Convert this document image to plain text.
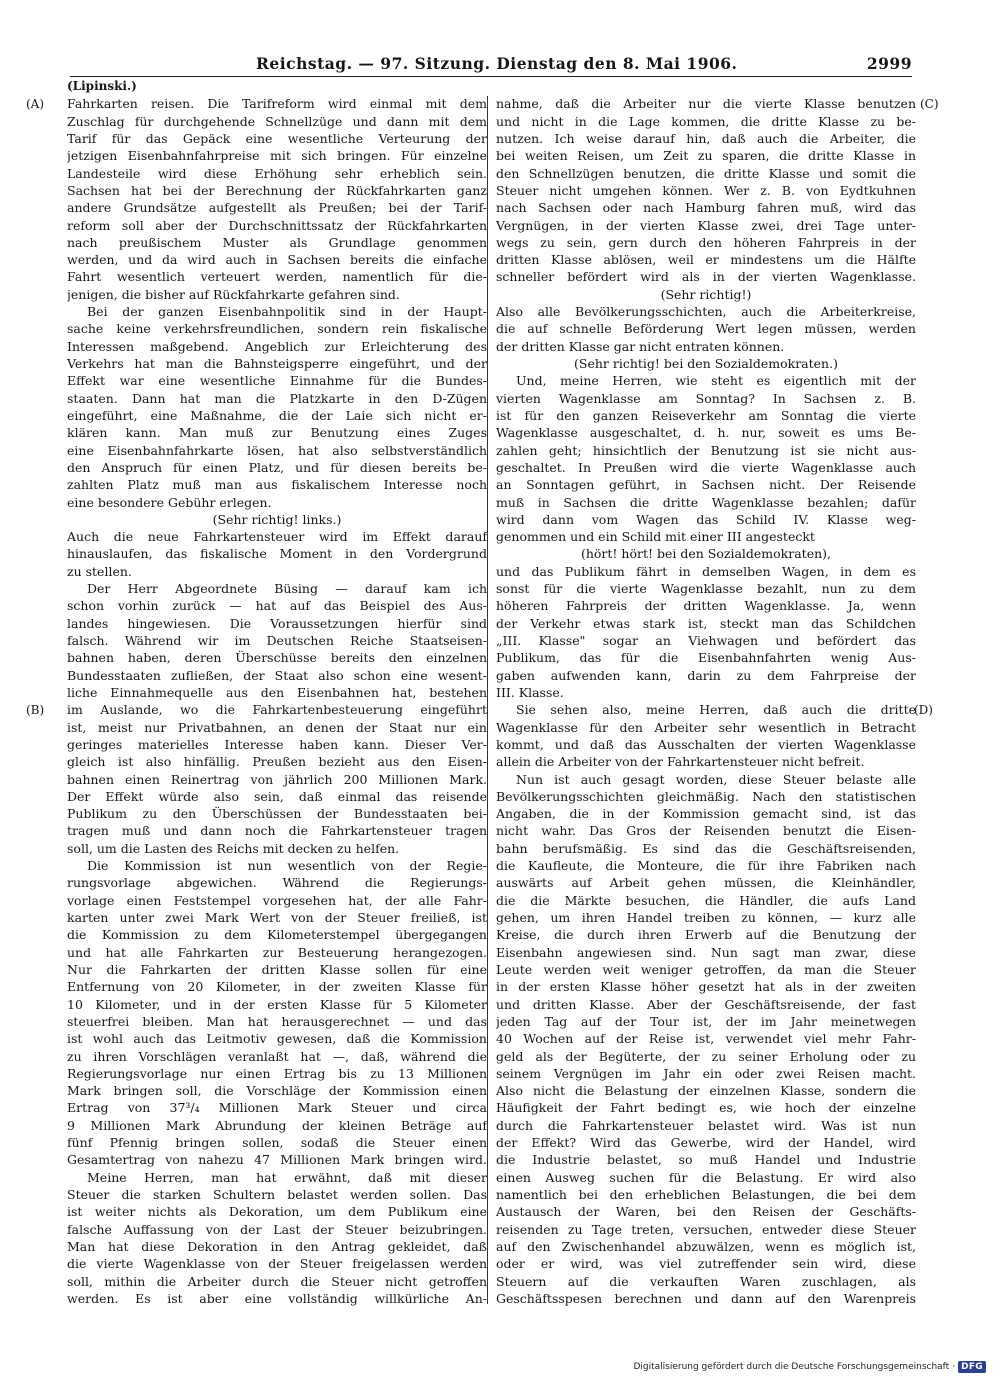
Reichstag. — 97. Sitzung. Dienstag den 8. Mai 1906.	2999
(A)
(B)
(C)
(D)
(Lipinski.)
Fahrkarten reisen. Die Tarifreform wird einmal mit dem
Zuschlag für durchgehende Schnellzüge und dann mit dem
Tarif für das Gepäck eine wesentliche Verteurung der
jetzigen Eisenbahnfahrpreise mit sich bringen. Für einzelne
Landesteile wird diese Erhöhung sehr erheblich sein.
Sachsen hat bei der Berechnung der Rückfahrkarten ganz
andere Grundsätze aufgestellt als Preußen; bei der Tarif-
reform soll aber der Durchschnittssatz der Rückfahrkarten
nach preußischem Muster als Grundlage genommen
werden, und da wird auch in Sachsen bereits die einfache
Fahrt wesentlich verteuert werden, namentlich für die-
jenigen, die bisher auf Rückfahrkarte gefahren sind.
Bei der ganzen Eisenbahnpolitik sind in der Haupt-
sache keine verkehrsfreundlichen, sondern rein fiskalische
Interessen maßgebend. Angeblich zur Erleichterung des
Verkehrs hat man die Bahnsteigsperre eingeführt, und der
Effekt war eine wesentliche Einnahme für die Bundes-
staaten. Dann hat man die Platzkarte in den D-Zügen
eingeführt, eine Maßnahme, die der Laie sich nicht er-
klären kann. Man muß zur Benutzung eines Zuges
eine Eisenbahnfahrkarte lösen, hat also selbstverständlich
den Anspruch für einen Platz, und für diesen bereits be-
zahlten Platz muß man aus fiskalischem Interesse noch
eine besondere Gebühr erlegen.
(Sehr richtig! links.)
Auch die neue Fahrkartensteuer wird im Effekt darauf
hinauslaufen, das fiskalische Moment in den Vordergrund
zu stellen.
Der Herr Abgeordnete Büsing — darauf kam ich
schon vorhin zurück — hat auf das Beispiel des Aus-
landes hingewiesen. Die Voraussetzungen hierfür sind
falsch. Während wir im Deutschen Reiche Staatseisen-
bahnen haben, deren Überschüsse bereits den einzelnen
Bundesstaaten zufließen, der Staat also schon eine wesent-
liche Einnahmequelle aus den Eisenbahnen hat, bestehen
im Auslande, wo die Fahrkartenbesteuerung eingeführt
ist, meist nur Privatbahnen, an denen der Staat nur ein
geringes materielles Interesse haben kann. Dieser Ver-
gleich ist also hinfällig. Preußen bezieht aus den Eisen-
bahnen einen Reinertrag von jährlich 200 Millionen Mark.
Der Effekt würde also sein, daß einmal das reisende
Publikum zu den Überschüssen der Bundesstaaten bei-
tragen muß und dann noch die Fahrkartensteuer tragen
soll, um die Lasten des Reichs mit decken zu helfen.
Die Kommission ist nun wesentlich von der Regie-
rungsvorlage abgewichen. Während die Regierungs-
vorlage einen Feststempel vorgesehen hat, der alle Fahr-
karten unter zwei Mark Wert von der Steuer freiließ, ist
die Kommission zu dem Kilometerstempel übergegangen
und hat alle Fahrkarten zur Besteuerung herangezogen.
Nur die Fahrkarten der dritten Klasse sollen für eine
Entfernung von 20 Kilometer, in der zweiten Klasse für
10 Kilometer, und in der ersten Klasse für 5 Kilometer
steuerfrei bleiben. Man hat herausgerechnet — und das
ist wohl auch das Leitmotiv gewesen, daß die Kommission
zu ihren Vorschlägen veranlaßt hat —, daß, während die
Regierungsvorlage nur einen Ertrag bis zu 13 Millionen
Mark bringen soll, die Vorschläge der Kommission einen
Ertrag von 37³/₄ Millionen Mark Steuer und circa
9 Millionen Mark Abrundung der kleinen Beträge auf
fünf Pfennig bringen sollen, sodaß die Steuer einen
Gesamtertrag von nahezu 47 Millionen Mark bringen wird.
Meine Herren, man hat erwähnt, daß mit dieser
Steuer die starken Schultern belastet werden sollen. Das
ist weiter nichts als Dekoration, um dem Publikum eine
falsche Auffassung von der Last der Steuer beizubringen.
Man hat diese Dekoration in den Antrag gekleidet, daß
die vierte Wagenklasse von der Steuer freigelassen werden
soll, mithin die Arbeiter durch die Steuer nicht getroffen
werden. Es ist aber eine vollständig willkürliche An-
nahme, daß die Arbeiter nur die vierte Klasse benutzen
und nicht in die Lage kommen, die dritte Klasse zu be-
nutzen. Ich weise darauf hin, daß auch die Arbeiter, die
bei weiten Reisen, um Zeit zu sparen, die dritte Klasse in
den Schnellzügen benutzen, die dritte Klasse und somit die
Steuer nicht umgehen können. Wer z. B. von Eydtkuhnen
nach Sachsen oder nach Hamburg fahren muß, wird das
Vergnügen, in der vierten Klasse zwei, drei Tage unter-
wegs zu sein, gern durch den höheren Fahrpreis in der
dritten Klasse ablösen, weil er mindestens um die Hälfte
schneller befördert wird als in der vierten Wagenklasse.
(Sehr richtig!)
Also alle Bevölkerungsschichten, auch die Arbeiterkreise,
die auf schnelle Beförderung Wert legen müssen, werden
der dritten Klasse gar nicht entraten können.
(Sehr richtig! bei den Sozialdemokraten.)
Und, meine Herren, wie steht es eigentlich mit der
vierten Wagenklasse am Sonntag? In Sachsen z. B.
ist für den ganzen Reiseverkehr am Sonntag die vierte
Wagenklasse ausgeschaltet, d. h. nur, soweit es ums Be-
zahlen geht; hinsichtlich der Benutzung ist sie nicht aus-
geschaltet. In Preußen wird die vierte Wagenklasse auch
an Sonntagen geführt, in Sachsen nicht. Der Reisende
muß in Sachsen die dritte Wagenklasse bezahlen; dafür
wird dann vom Wagen das Schild IV. Klasse weg-
genommen und ein Schild mit einer III angesteckt
(hört! hört! bei den Sozialdemokraten),
und das Publikum fährt in demselben Wagen, in dem es
sonst für die vierte Wagenklasse bezahlt, nun zu dem
höheren Fahrpreis der dritten Wagenklasse. Ja, wenn
der Verkehr etwas stark ist, steckt man das Schildchen
„III. Klasse" sogar an Viehwagen und befördert das
Publikum, das für die Eisenbahnfahrten wenig Aus-
gaben aufwenden kann, darin zu dem Fahrpreise der
III. Klasse.
Sie sehen also, meine Herren, daß auch die dritte
Wagenklasse für den Arbeiter sehr wesentlich in Betracht
kommt, und daß das Ausschalten der vierten Wagenklasse
allein die Arbeiter von der Fahrkartensteuer nicht befreit.
Nun ist auch gesagt worden, diese Steuer belaste alle
Bevölkerungsschichten gleichmäßig. Nach den statistischen
Angaben, die in der Kommission gemacht sind, ist das
nicht wahr. Das Gros der Reisenden benutzt die Eisen-
bahn berufsmäßig. Es sind das die Geschäftsreisenden,
die Kaufleute, die Monteure, die für ihre Fabriken nach
auswärts auf Arbeit gehen müssen, die Kleinhändler,
die die Märkte besuchen, die Händler, die aufs Land
gehen, um ihren Handel treiben zu können, — kurz alle
Kreise, die durch ihren Erwerb auf die Benutzung der
Eisenbahn angewiesen sind. Nun sagt man zwar, diese
Leute werden weit weniger getroffen, da man die Steuer
in der ersten Klasse höher gesetzt hat als in der zweiten
und dritten Klasse. Aber der Geschäftsreisende, der fast
jeden Tag auf der Tour ist, der im Jahr meinetwegen
40 Wochen auf der Reise ist, verwendet viel mehr Fahr-
geld als der Begüterte, der zu seiner Erholung oder zu
seinem Vergnügen im Jahr ein oder zwei Reisen macht.
Also nicht die Belastung der einzelnen Klasse, sondern die
Häufigkeit der Fahrt bedingt es, wie hoch der einzelne
durch die Fahrkartensteuer belastet wird. Was ist nun
der Effekt? Wird das Gewerbe, wird der Handel, wird
die Industrie belastet, so muß Handel und Industrie
einen Ausweg suchen für die Belastung. Er wird also
namentlich bei den erheblichen Belastungen, die bei dem
Austausch der Waren, bei den Reisen der Geschäfts-
reisenden zu Tage treten, versuchen, entweder diese Steuer
auf den Zwischenhandel abzuwälzen, wenn es möglich ist,
oder er wird, was viel zutreffender sein wird, diese
Steuern auf die verkauften Waren zuschlagen, als
Geschäftsspesen berechnen und dann auf den Warenpreis
Digitalisierung gefördert durch die Deutsche Forschungsgemeinschaft · DFG
